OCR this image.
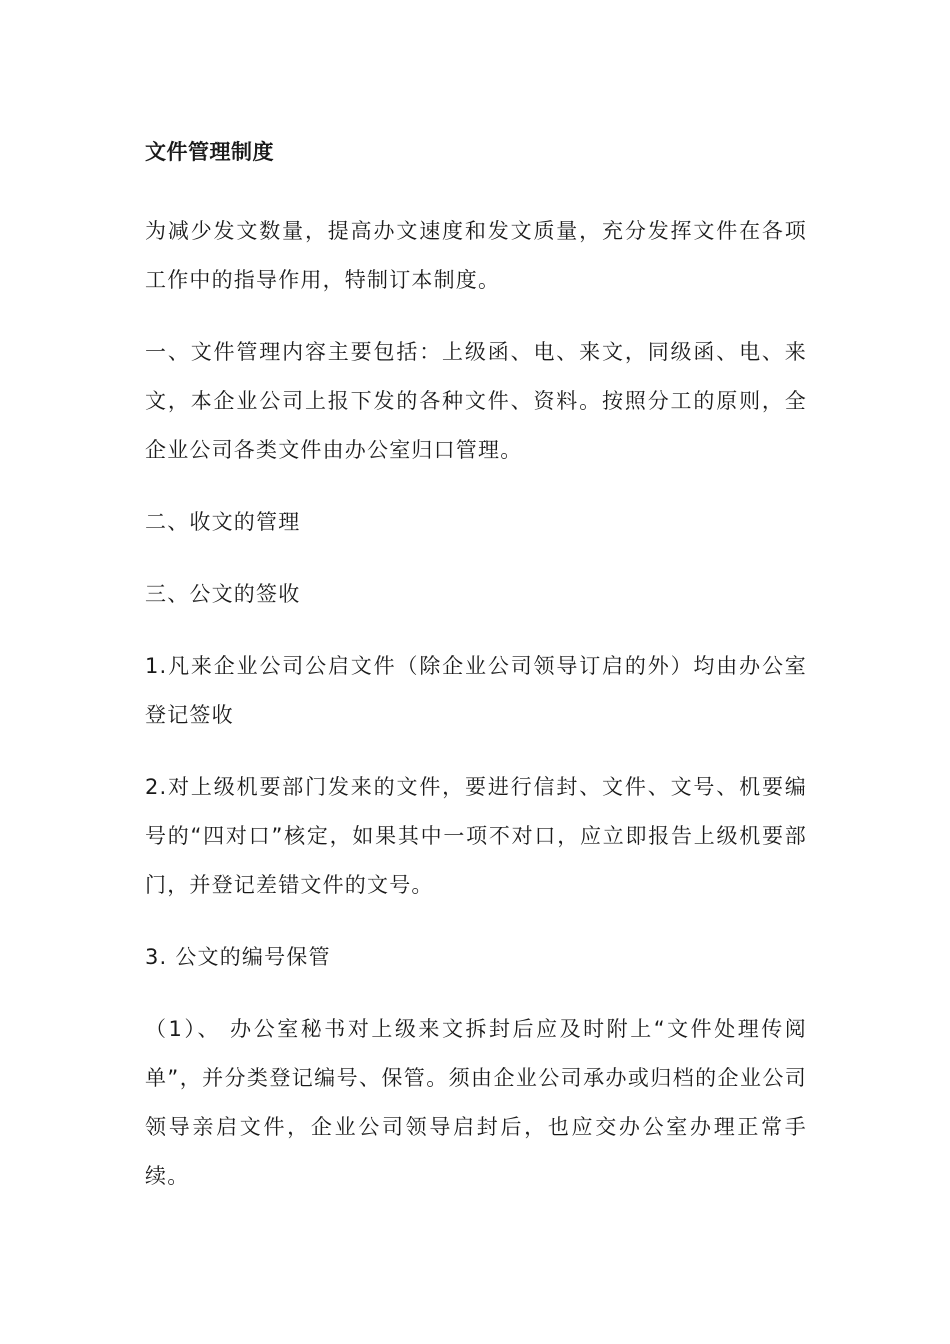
文件管理制度
为减少发文数量，提高办文速度和发文质量，充分发挥文件在各项工作中的指导作用，特制订本制度。
一、文件管理内容主要包括：上级函、电、来文，同级函、电、来文，本企业公司上报下发的各种文件、资料。按照分工的原则，全企业公司各类文件由办公室归口管理。
二、收文的管理
三、公文的签收
1.凡来企业公司公启文件（除企业公司领导订启的外）均由办公室登记签收
2.对上级机要部门发来的文件，要进行信封、文件、文号、机要编号的“四对口”核定，如果其中一项不对口，应立即报告上级机要部门，并登记差错文件的文号。
3. 公文的编号保管
（1）、 办公室秘书对上级来文拆封后应及时附上“文件处理传阅单”，并分类登记编号、保管。须由企业公司承办或归档的企业公司领导亲启文件，企业公司领导启封后，也应交办公室办理正常手续。
